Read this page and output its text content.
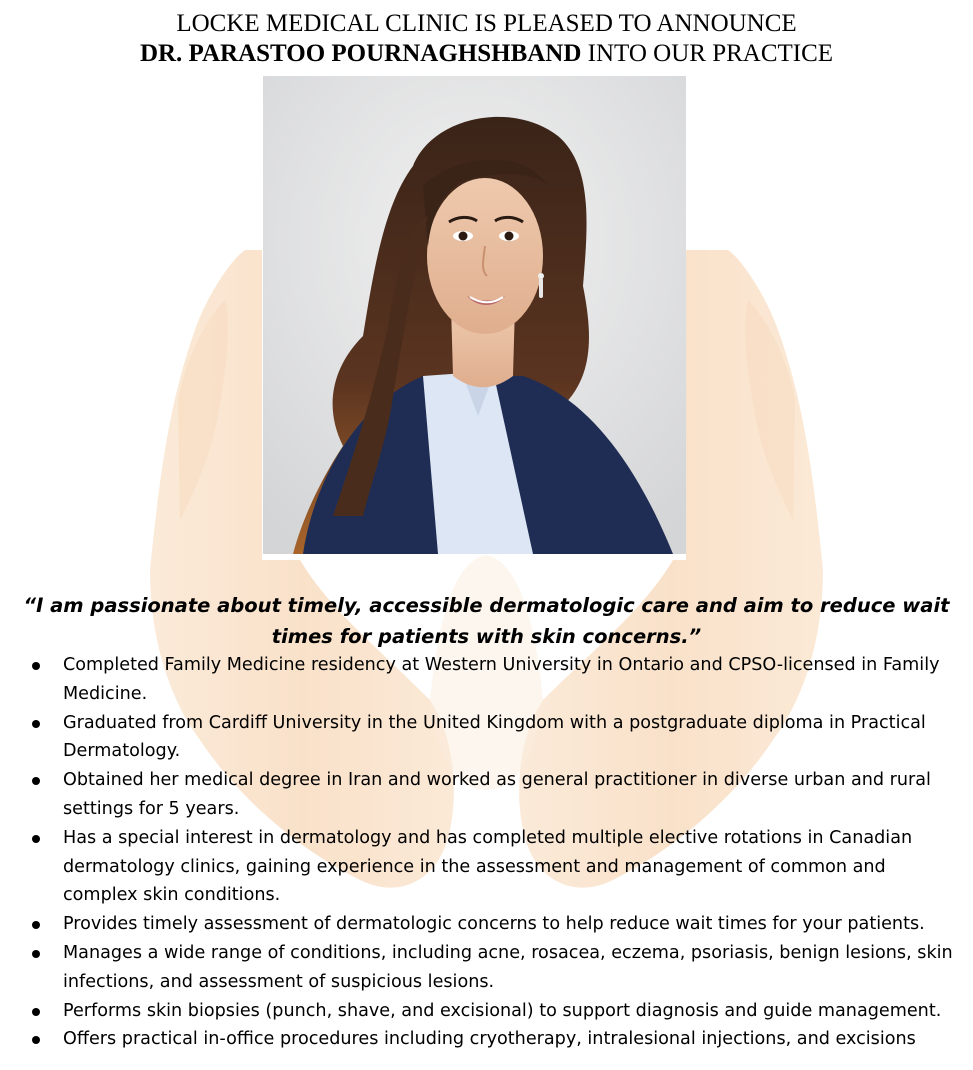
LOCKE MEDICAL CLINIC IS PLEASED TO ANNOUNCE
DR. PARASTOO POURNAGHSHBAND INTO OUR PRACTICE
“I am passionate about timely, accessible dermatologic care and aim to reduce wait times for patients with skin concerns.”
Completed Family Medicine residency at Western University in Ontario and CPSO-licensed in Family Medicine.
Graduated from Cardiff University in the United Kingdom with a postgraduate diploma in Practical Dermatology.
Obtained her medical degree in Iran and worked as general practitioner in diverse urban and rural settings for 5 years.
Has a special interest in dermatology and has completed multiple elective rotations in Canadian dermatology clinics, gaining experience in the assessment and management of common and complex skin conditions.
Provides timely assessment of dermatologic concerns to help reduce wait times for your patients.
Manages a wide range of conditions, including acne, rosacea, eczema, psoriasis, benign lesions, skin infections, and assessment of suspicious lesions.
Performs skin biopsies (punch, shave, and excisional) to support diagnosis and guide management.
Offers practical in-office procedures including cryotherapy, intralesional injections, and excisions
